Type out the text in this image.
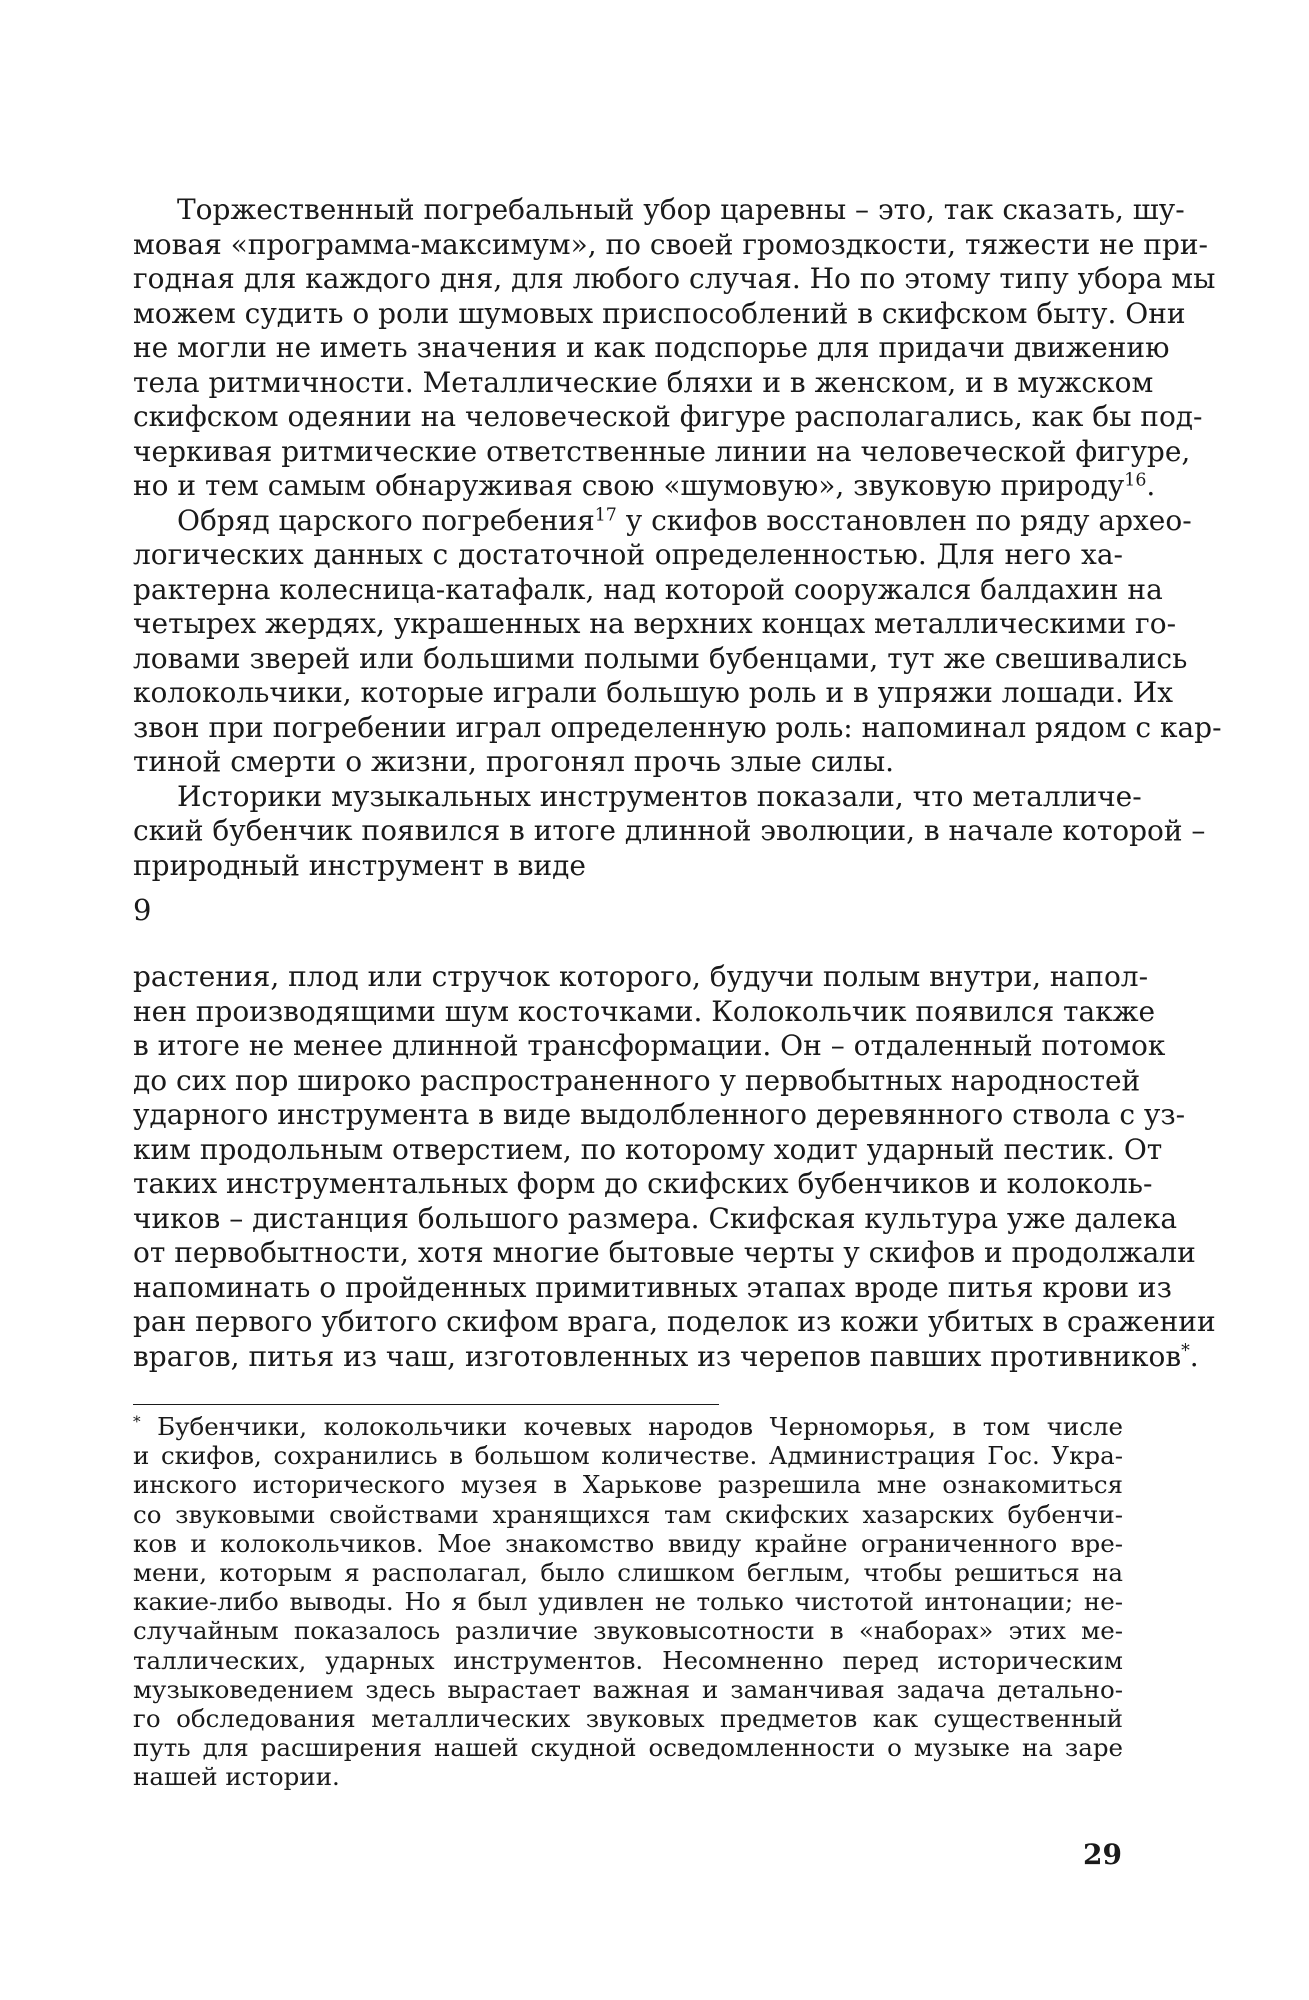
Торжественный погребальный убор царевны – это, так сказать, шу-
мовая «программа-максимум», по своей громоздкости, тяжести не при-
годная для каждого дня, для любого случая. Но по этому типу убора мы
можем судить о роли шумовых приспособлений в скифском быту. Они
не могли не иметь значения и как подспорье для придачи движению
тела ритмичности. Металлические бляхи и в женском, и в мужском
скифском одеянии на человеческой фигуре располагались, как бы под-
черкивая ритмические ответственные линии на человеческой фигуре,
но и тем самым обнаруживая свою «шумовую», звуковую природу$^{16}$.
Обряд царского погребения$^{17}$ у скифов восстановлен по ряду архео-
логических данных с достаточной определенностью. Для него ха-
рактерна колесница-катафалк, над которой сооружался балдахин на
четырех жердях, украшенных на верхних концах металлическими го-
ловами зверей или большими полыми бубенцами, тут же свешивались
колокольчики, которые играли большую роль и в упряжи лошади. Их
звон при погребении играл определенную роль: напоминал рядом с кар-
тиной смерти о жизни, прогонял прочь злые силы.
Историки музыкальных инструментов показали, что металличе-
ский бубенчик появился в итоге длинной эволюции, в начале которой –
природный инструмент в виде
9
растения, плод или стручок которого, будучи полым внутри, напол-
нен производящими шум косточками. Колокольчик появился также
в итоге не менее длинной трансформации. Он – отдаленный потомок
до сих пор широко распространенного у первобытных народностей
ударного инструмента в виде выдолбленного деревянного ствола с уз-
ким продольным отверстием, по которому ходит ударный пестик. От
таких инструментальных форм до скифских бубенчиков и колоколь-
чиков – дистанция большого размера. Скифская культура уже далека
от первобытности, хотя многие бытовые черты у скифов и продолжали
напоминать о пройденных примитивных этапах вроде питья крови из
ран первого убитого скифом врага, поделок из кожи убитых в сражении
врагов, питья из чаш, изготовленных из черепов павших противников*.
* Бубенчики, колокольчики кочевых народов Черноморья, в том числе
и скифов, сохранились в большом количестве. Администрация Гос. Укра-
инского исторического музея в Харькове разрешила мне ознакомиться
со звуковыми свойствами хранящихся там скифских хазарских бубенчи-
ков и колокольчиков. Мое знакомство ввиду крайне ограниченного вре-
мени, которым я располагал, было слишком беглым, чтобы решиться на
какие-либо выводы. Но я был удивлен не только чистотой интонации; не-
случайным показалось различие звуковысотности в «наборах» этих ме-
таллических, ударных инструментов. Несомненно перед историческим
музыковедением здесь вырастает важная и заманчивая задача детально-
го обследования металлических звуковых предметов как существенный
путь для расширения нашей скудной осведомленности о музыке на заре
нашей истории.
29
